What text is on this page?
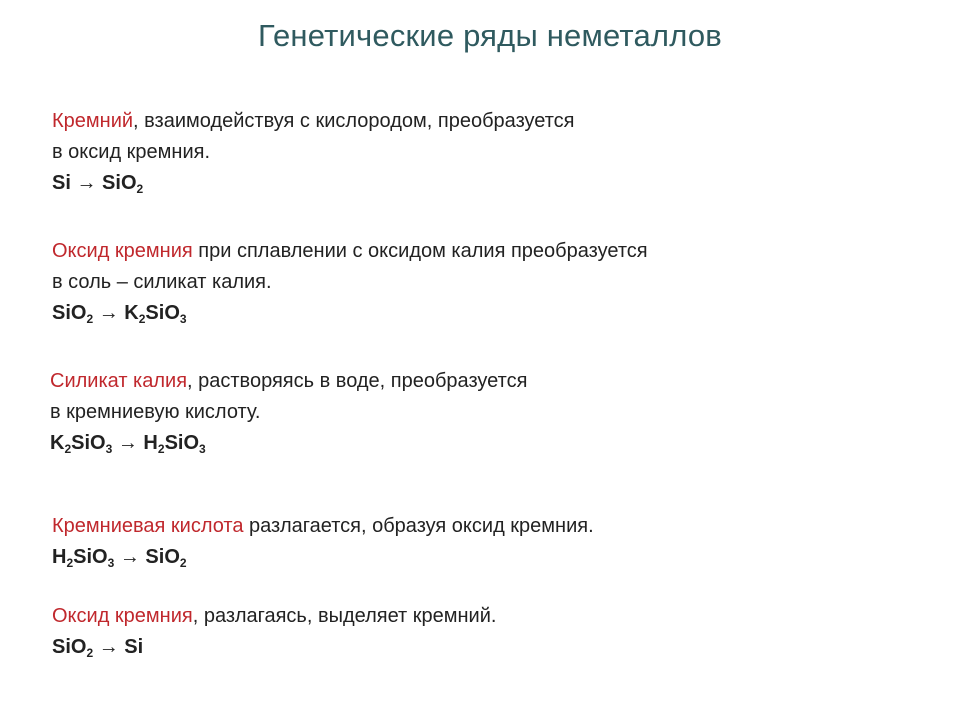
Генетические ряды неметаллов
Кремний, взаимодействуя с кислородом, преобразуется
в оксид кремния.
Si → SiO$_2$
Оксид кремния при сплавлении с оксидом калия преобразуется
в соль – силикат калия.
$SiO_2 \to K_2SiO_3$
Силикат калия, растворяясь в воде, преобразуется
в кремниевую кислоту.
$K_2SiO_3 \to H_2SiO_3$
Кремниевая кислота разлагается, образуя оксид кремния.
$H_2SiO_3 \to SiO_2$
Оксид кремния, разлагаясь, выделяет кремний.
SiO$_2$ → Si
